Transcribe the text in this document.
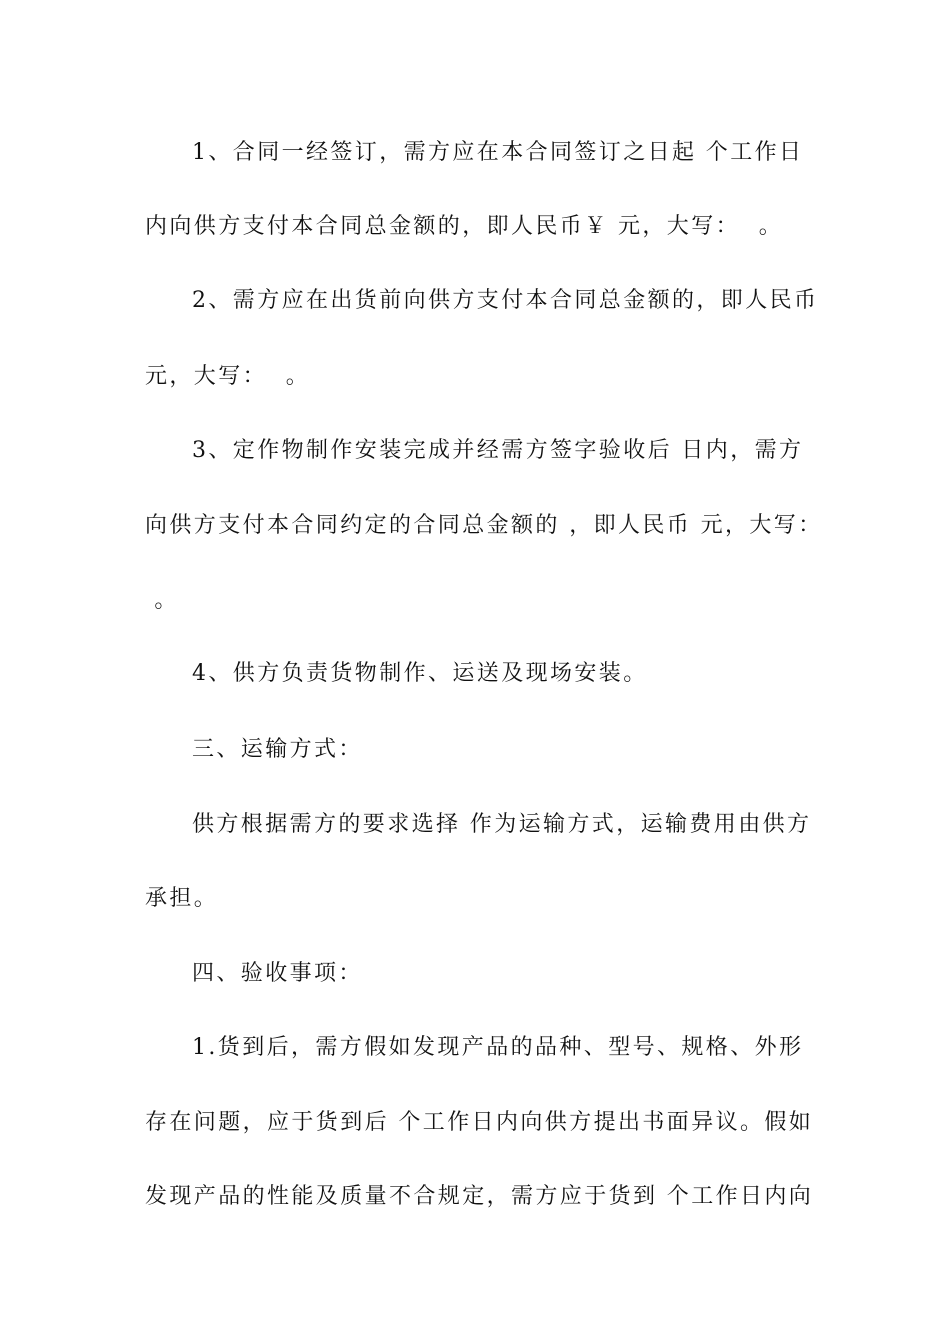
1、合同一经签订，需方应在本合同签订之日起 个工作日
内向供方支付本合同总金额的，即人民币￥ 元，大写：  。
2、需方应在出货前向供方支付本合同总金额的，即人民币
元，大写：  。
3、定作物制作安装完成并经需方签字验收后 日内，需方
向供方支付本合同约定的合同总金额的 ，即人民币 元，大写：
。
4、供方负责货物制作、运送及现场安装。
三、运输方式：
供方根据需方的要求选择 作为运输方式，运输费用由供方
承担。
四、验收事项：
1.货到后，需方假如发现产品的品种、型号、规格、外形
存在问题，应于货到后 个工作日内向供方提出书面异议。假如
发现产品的性能及质量不合规定，需方应于货到 个工作日内向
